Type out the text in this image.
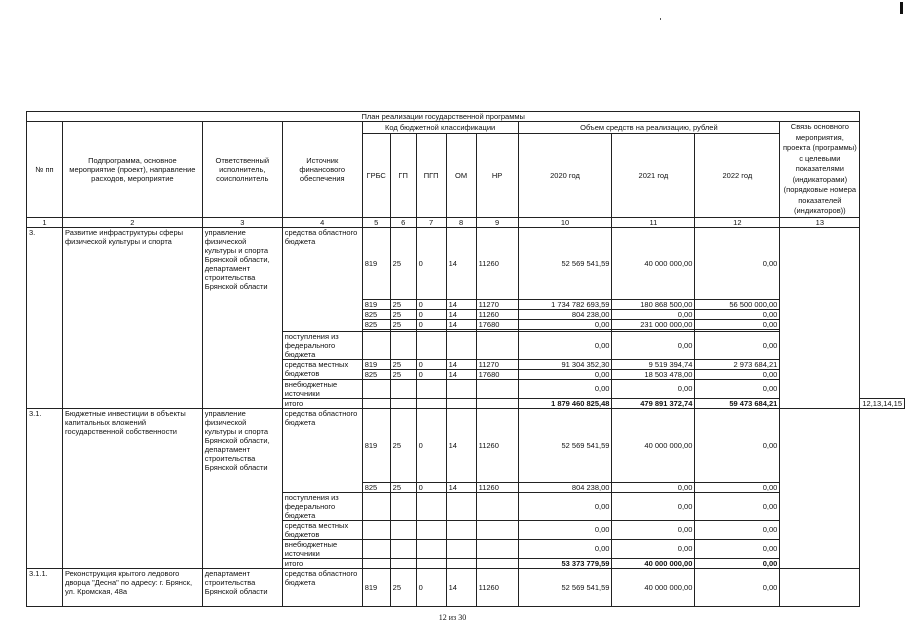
План реализации государственной программы													
№ пп	Подпрограмма, основное мероприятие (проект), направление расходов, мероприятие	Ответственный исполнитель, соисполнитель	Источник финансового обеспечения	Код бюджетной классификации					Объем средств на реализацию, рублей			Связь основного мероприятия, проекта (программы) с целевыми показателями (индикаторами) (порядковые номера показателей (индикаторов))	
				ГРБС	ГП	ПГП	ОМ	НР	2020 год	2021 год	2022 год		
1	2	3	4	5	6	7	8	9	10	11	12	13	
3.	Развитие инфраструктуры сферы физической культуры и спорта	управление физической культуры и спорта Брянской области, департамент строительства Брянской области	средства областного бюджета	819	25	0	14	11260	52 569 541,59	40 000 000,00	0,00		
				819	25	0	14	11270	1 734 782 693,59	180 868 500,00	56 500 000,00		
				825	25	0	14	11260	804 238,00	0,00	0,00		
				825	25	0	14	17680	0,00	231 000 000,00	0,00		

			поступления из федерального бюджета						0,00	0,00	0,00		
			средства местных бюджетов	819	25	0	14	11270	91 304 352,30	9 519 394,74	2 973 684,21		
				825	25	0	14	17680	0,00	18 503 478,00	0,00		
			внебюджетные источники						0,00	0,00	0,00		
			итого						1 879 460 825,48	479 891 372,74	59 473 684,21		12,13,14,15

3.1.	Бюджетные инвестиции в объекты капитальных вложений государственной собственности	управление физической культуры и спорта Брянской области, департамент строительства Брянской области	средства областного бюджета	819	25	0	14	11260	52 569 541,59	40 000 000,00	0,00		
				825	25	0	14	11260	804 238,00	0,00	0,00		
			поступления из федерального бюджета						0,00	0,00	0,00		
			средства местных бюджетов						0,00	0,00	0,00		
			внебюджетные источники						0,00	0,00	0,00		
			итого						53 373 779,59	40 000 000,00	0,00		

3.1.1.	Реконструкция крытого ледового дворца "Десна" по адресу: г. Брянск, ул. Кромская, 48а	департамент строительства Брянской области	средства областного бюджета	819	25	0	14	11260	52 569 541,59	40 000 000,00	0,00		
12 из 30
